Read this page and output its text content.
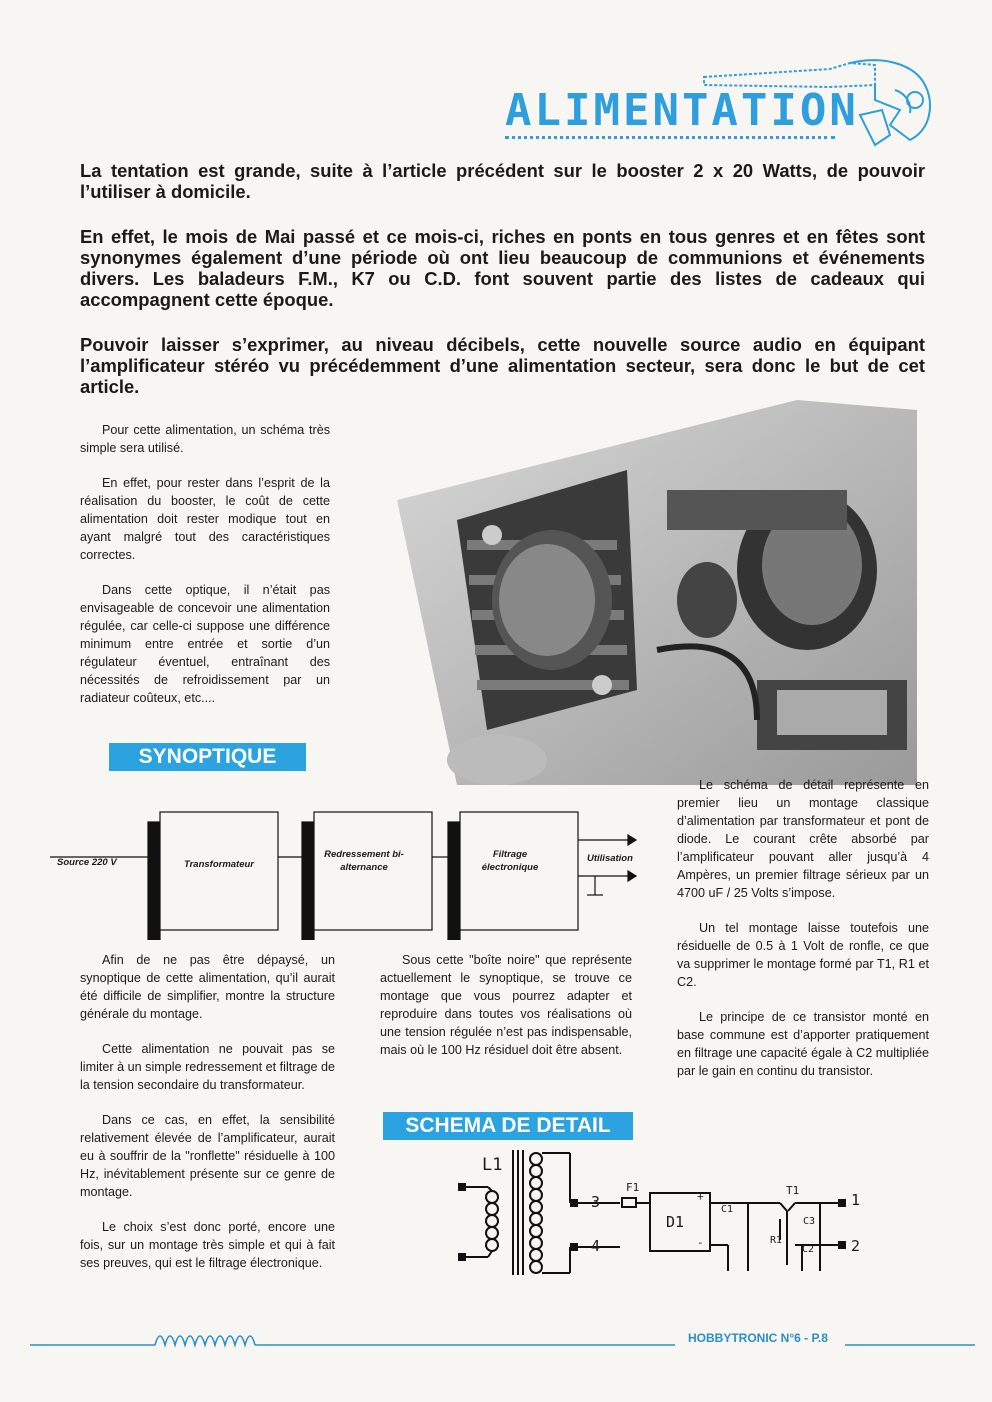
ALIMENTATION

La tentation est grande, suite à l’article précédent sur le booster 2 x 20 Watts, de pouvoir l’utiliser à domicile.

En effet, le mois de Mai passé et ce mois-ci, riches en ponts en tous genres et en fêtes sont synonymes également d’une période où ont lieu beaucoup de communions et événements divers. Les baladeurs F.M., K7 ou C.D. font souvent partie des listes de cadeaux qui accompagnent cette époque.

Pouvoir laisser s’exprimer, au niveau décibels, cette nouvelle source audio en équipant l’amplificateur stéréo vu précédemment d’une alimentation secteur, sera donc le but de cet article.

Pour cette alimentation, un schéma très simple sera utilisé.

En effet, pour rester dans l’esprit de la réalisation du booster, le coût de cette alimentation doit rester modique tout en ayant malgré tout des caractéristiques correctes.

Dans cette optique, il n’était pas envisageable de concevoir une alimentation régulée, car celle-ci suppose une différence minimum entre entrée et sortie d’un régulateur éventuel, entraînant des nécessités de refroidissement par un radiateur coûteux, etc....

SYNOPTIQUE
Source 220 V	Transformateur
Redressement bi-alternance
Filtrage électronique
Utilisation

Le schéma de détail représente en premier lieu un montage classique d’alimentation par transformateur et pont de diode. Le courant crête absorbé par l’amplificateur pouvant aller jusqu’à 4 Ampères, un premier filtrage sérieux par un 4700 uF / 25 Volts s’impose.

Un tel montage laisse toutefois une résiduelle de 0.5 à 1 Volt de ronfle, ce que va supprimer le montage formé par T1, R1 et C2.

Le principe de ce transistor monté en base commune est d’apporter pratiquement en filtrage une capacité égale à C2 multipliée par le gain en continu du transistor.

Afin de ne pas être dépaysé, un synoptique de cette alimentation, qu’il aurait été difficile de simplifier, montre la structure générale du montage.

Cette alimentation ne pouvait pas se limiter à un simple redressement et filtrage de la tension secondaire du transformateur.

Dans ce cas, en effet, la sensibilité relativement élevée de l’amplificateur, aurait eu à souffrir de la "ronflette" résiduelle à 100 Hz, inévitablement présente sur ce genre de montage.

Le choix s’est donc porté, encore une fois, sur un montage très simple et qui à fait ses preuves, qui est le filtrage électronique.

Sous cette "boîte noire" que représente actuellement le synoptique, se trouve ce montage que vous pourrez adapter et reproduire dans toutes vos réalisations où une tension régulée n’est pas indispensable, mais où le 100 Hz résiduel doit être absent.

SCHEMA DE DETAIL
L1
3
4
F1
D1
+
-
C1
T1
R1
C2
C3
1
2
HOBBYTRONIC N°6 - P.8
